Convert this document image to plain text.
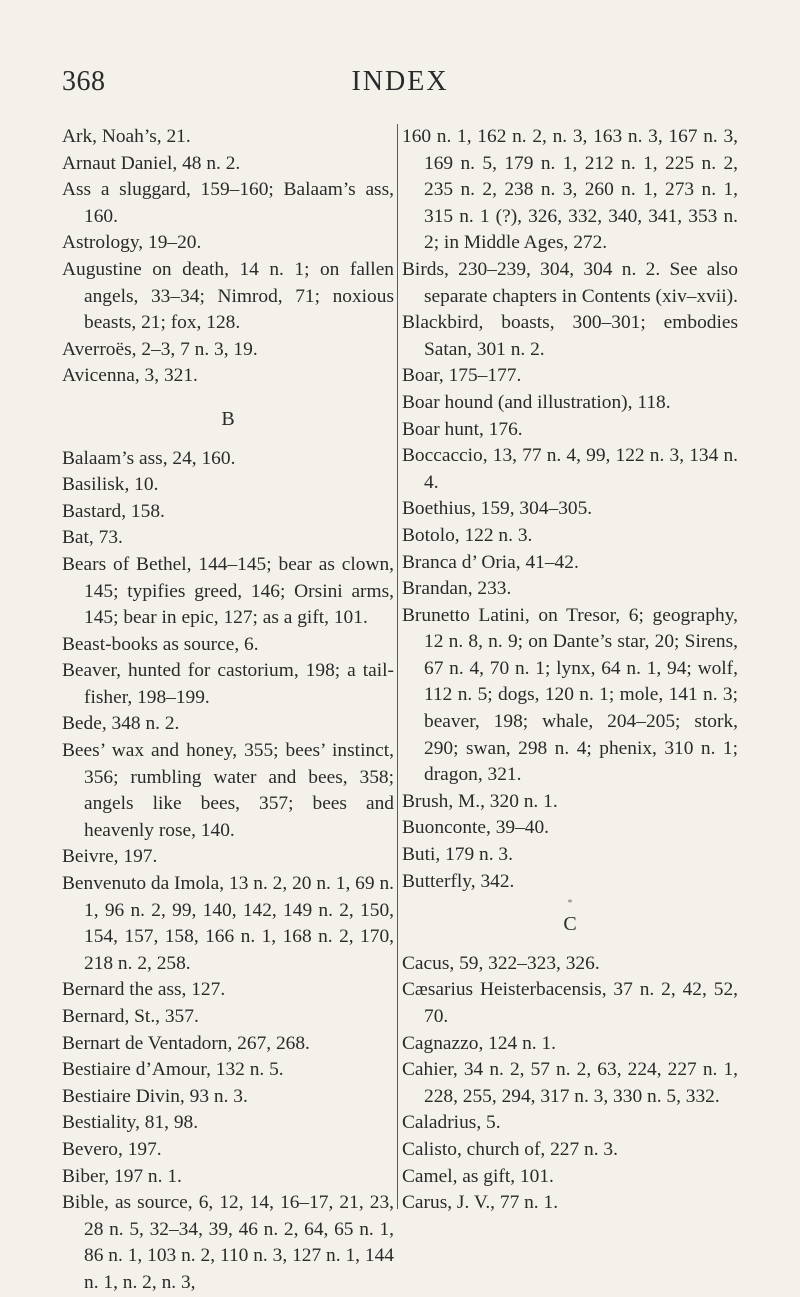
368	INDEX

Ark, Noah’s, 21.

Arnaut Daniel, 48 n. 2.

Ass a sluggard, 159–160; Balaam’s ass, 160.

Astrology, 19–20.

Augustine on death, 14 n. 1; on fallen angels, 33–34; Nimrod, 71; noxious beasts, 21; fox, 128.

Averroës, 2–3, 7 n. 3, 19.

Avicenna, 3, 321.

B

Balaam’s ass, 24, 160.

Basilisk, 10.

Bastard, 158.

Bat, 73.

Bears of Bethel, 144–145; bear as clown, 145; typifies greed, 146; Orsini arms, 145; bear in epic, 127; as a gift, 101.

Beast-books as source, 6.

Beaver, hunted for castorium, 198; a tail-fisher, 198–199.

Bede, 348 n. 2.

Bees’ wax and honey, 355; bees’ instinct, 356; rumbling water and bees, 358; angels like bees, 357; bees and heavenly rose, 140.

Beivre, 197.

Benvenuto da Imola, 13 n. 2, 20 n. 1, 69 n. 1, 96 n. 2, 99, 140, 142, 149 n. 2, 150, 154, 157, 158, 166 n. 1, 168 n. 2, 170, 218 n. 2, 258.

Bernard the ass, 127.

Bernard, St., 357.

Bernart de Ventadorn, 267, 268.

Bestiaire d’Amour, 132 n. 5.

Bestiaire Divin, 93 n. 3.

Bestiality, 81, 98.

Bevero, 197.

Biber, 197 n. 1.

Bible, as source, 6, 12, 14, 16–17, 21, 23, 28 n. 5, 32–34, 39, 46 n. 2, 64, 65 n. 1, 86 n. 1, 103 n. 2, 110 n. 3, 127 n. 1, 144 n. 1, n. 2, n. 3,

160 n. 1, 162 n. 2, n. 3, 163 n. 3, 167 n. 3, 169 n. 5, 179 n. 1, 212 n. 1, 225 n. 2, 235 n. 2, 238 n. 3, 260 n. 1, 273 n. 1, 315 n. 1 (?), 326, 332, 340, 341, 353 n. 2; in Middle Ages, 272.

Birds, 230–239, 304, 304 n. 2. See also separate chapters in Contents (xiv–xvii).

Blackbird, boasts, 300–301; embodies Satan, 301 n. 2.

Boar, 175–177.

Boar hound (and illustration), 118.

Boar hunt, 176.

Boccaccio, 13, 77 n. 4, 99, 122 n. 3, 134 n. 4.

Boethius, 159, 304–305.

Botolo, 122 n. 3.

Branca d’ Oria, 41–42.

Brandan, 233.

Brunetto Latini, on Tresor, 6; geography, 12 n. 8, n. 9; on Dante’s star, 20; Sirens, 67 n. 4, 70 n. 1; lynx, 64 n. 1, 94; wolf, 112 n. 5; dogs, 120 n. 1; mole, 141 n. 3; beaver, 198; whale, 204–205; stork, 290; swan, 298 n. 4; phenix, 310 n. 1; dragon, 321.

Brush, M., 320 n. 1.

Buonconte, 39–40.

Buti, 179 n. 3.

Butterfly, 342.

*
C

Cacus, 59, 322–323, 326.

Cæsarius Heisterbacensis, 37 n. 2, 42, 52, 70.

Cagnazzo, 124 n. 1.

Cahier, 34 n. 2, 57 n. 2, 63, 224, 227 n. 1, 228, 255, 294, 317 n. 3, 330 n. 5, 332.

Caladrius, 5.

Calisto, church of, 227 n. 3.

Camel, as gift, 101.

Carus, J. V., 77 n. 1.
